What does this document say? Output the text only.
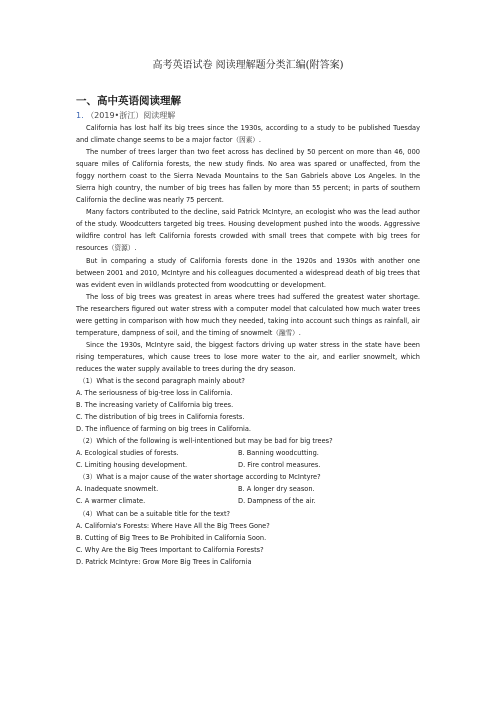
高考英语试卷 阅读理解题分类汇编(附答案)
一、高中英语阅读理解
1. （2019•浙江）阅读理解

California has lost half its big trees since the 1930s, according to a study to be published Tuesday and climate change seems to be a major factor（因素）.

The number of trees larger than two feet across has declined by 50 percent on more than 46, 000 square miles of California forests, the new study finds. No area was spared or unaffected, from the foggy northern coast to the Sierra Nevada Mountains to the San Gabriels above Los Angeles. In the Sierra high country, the number of big trees has fallen by more than 55 percent; in parts of southern California the decline was nearly 75 percent.

Many factors contributed to the decline, said Patrick McIntyre, an ecologist who was the lead author of the study. Woodcutters targeted big trees. Housing development pushed into the woods. Aggressive wildfire control has left California forests crowded with small trees that compete with big trees for resources（资源）.

But in comparing a study of California forests done in the 1920s and 1930s with another one between 2001 and 2010, McIntyre and his colleagues documented a widespread death of big trees that was evident even in wildlands protected from woodcutting or development.

The loss of big trees was greatest in areas where trees had suffered the greatest water shortage. The researchers figured out water stress with a computer model that calculated how much water trees were getting in comparison with how much they needed, taking into account such things as rainfall, air temperature, dampness of soil, and the timing of snowmelt（融雪）.

Since the 1930s, McIntyre said, the biggest factors driving up water stress in the state have been rising temperatures, which cause trees to lose more water to the air, and earlier snowmelt, which reduces the water supply available to trees during the dry season.

（1）What is the second paragraph mainly about?

A. The seriousness of big-tree loss in California.

B. The increasing variety of California big trees.

C. The distribution of big trees in California forests.

D. The influence of farming on big trees in California.

（2）Which of the following is well-intentioned but may be bad for big trees?

A. Ecological studies of forests.	B. Banning woodcutting.
C. Limiting housing development.	D. Fire control measures.

（3）What is a major cause of the water shortage according to McIntyre?

A. Inadequate snowmelt.	B. A longer dry season.
C. A warmer climate.	D. Dampness of the air.

（4）What can be a suitable title for the text?

A. California's Forests: Where Have All the Big Trees Gone?

B. Cutting of Big Trees to Be Prohibited in California Soon.

C. Why Are the Big Trees Important to California Forests?

D. Patrick McIntyre: Grow More Big Trees in California
